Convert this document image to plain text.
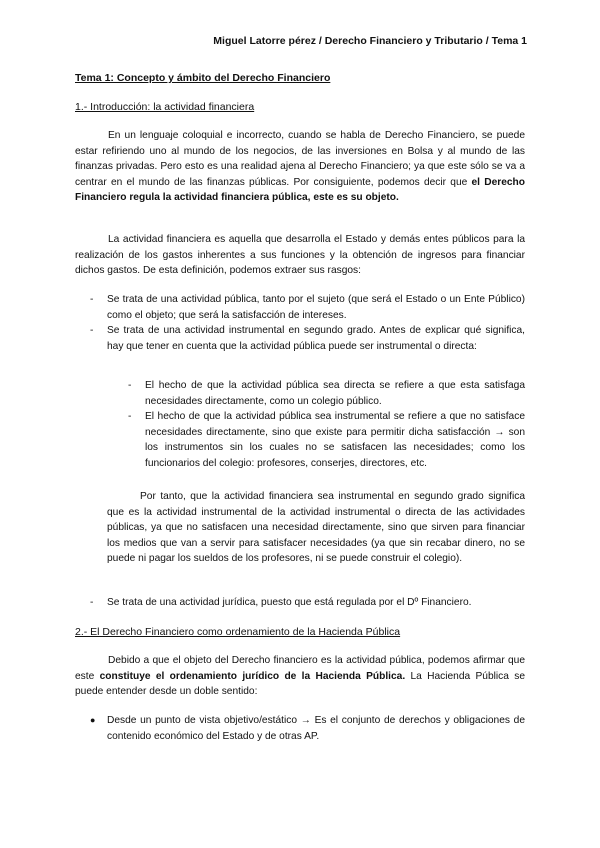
Miguel Latorre pérez / Derecho Financiero y Tributario / Tema 1
Tema 1: Concepto y ámbito del Derecho Financiero
1.- Introducción: la actividad financiera

En un lenguaje coloquial e incorrecto, cuando se habla de Derecho Financiero, se puede estar refiriendo uno al mundo de los negocios, de las inversiones en Bolsa y al mundo de las finanzas privadas. Pero esto es una realidad ajena al Derecho Financiero; ya que este sólo se va a centrar en el mundo de las finanzas públicas. Por consiguiente, podemos decir que el Derecho Financiero regula la actividad financiera pública, este es su objeto.

La actividad financiera es aquella que desarrolla el Estado y demás entes públicos para la realización de los gastos inherentes a sus funciones y la obtención de ingresos para financiar dichos gastos. De esta definición, podemos extraer sus rasgos:

- Se trata de una actividad pública, tanto por el sujeto (que será el Estado o un Ente Público) como el objeto; que será la satisfacción de intereses.
- Se trata de una actividad instrumental en segundo grado. Antes de explicar qué significa, hay que tener en cuenta que la actividad pública puede ser instrumental o directa:
- El hecho de que la actividad pública sea directa se refiere a que esta satisfaga necesidades directamente, como un colegio público.
- El hecho de que la actividad pública sea instrumental se refiere a que no satisface necesidades directamente, sino que existe para permitir dicha satisfacción → son los instrumentos sin los cuales no se satisfacen las necesidades; como los funcionarios del colegio: profesores, conserjes, directores, etc.

Por tanto, que la actividad financiera sea instrumental en segundo grado significa que es la actividad instrumental de la actividad instrumental o directa de las actividades públicas, ya que no satisfacen una necesidad directamente, sino que sirven para financiar los medios que van a servir para satisfacer necesidades (ya que sin recabar dinero, no se puede ni pagar los sueldos de los profesores, ni se puede construir el colegio).

- Se trata de una actividad jurídica, puesto que está regulada por el Dº Financiero.
2.- El Derecho Financiero como ordenamiento de la Hacienda Pública

Debido a que el objeto del Derecho financiero es la actividad pública, podemos afirmar que este constituye el ordenamiento jurídico de la Hacienda Pública. La Hacienda Pública se puede entender desde un doble sentido:

● Desde un punto de vista objetivo/estático → Es el conjunto de derechos y obligaciones de contenido económico del Estado y de otras AP.
